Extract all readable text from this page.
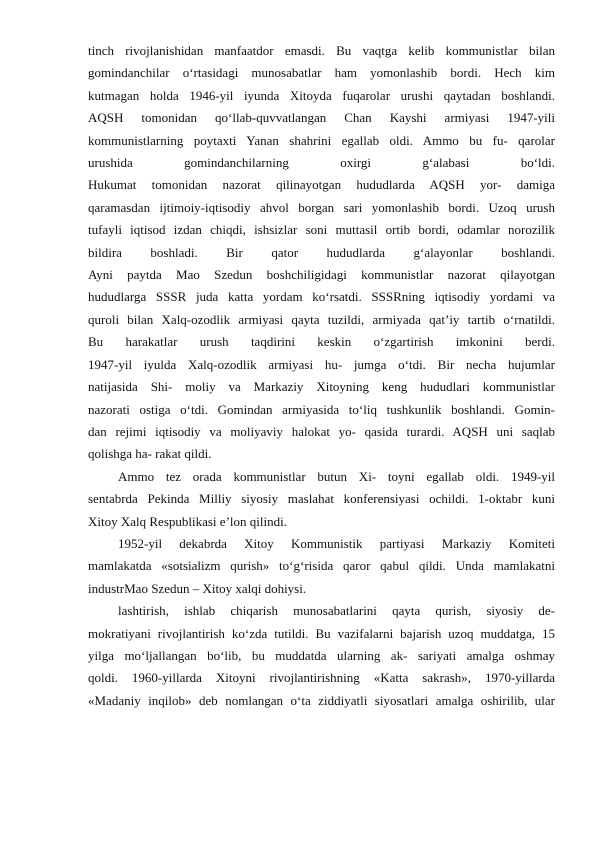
tinch rivojlanishidan manfaatdor emasdi. Bu vaqtga kelib kommunistlar bilan
gomindanchilar o‘rtasidagi munosabatlar ham yomonlashib bordi. Hech kim
kutmagan holda 1946-yil iyunda Xitoyda fuqarolar urushi qaytadan boshlandi.
AQSH tomonidan qo‘llab-quvvatlangan Chan Kayshi armiyasi 1947-yili
kommunistlarning poytaxti Yanan shahrini egallab oldi. Ammo bu fu- qarolar
urushida gomindanchilarning oxirgi g‘alabasi bo‘ldi.
Hukumat tomonidan nazorat qilinayotgan hududlarda AQSH yor- damiga
qaramasdan ijtimoiy-iqtisodiy ahvol borgan sari yomonlashib bordi. Uzoq urush
tufayli iqtisod izdan chiqdi, ishsizlar soni muttasil ortib bordi, odamlar norozilik
bildira boshladi. Bir qator hududlarda g‘alayonlar boshlandi.
Ayni paytda Mao Szedun boshchiligidagi kommunistlar nazorat qilayotgan
hududlarga SSSR juda katta yordam ko‘rsatdi. SSSRning iqtisodiy yordami va
quroli bilan Xalq-ozodlik armiyasi qayta tuzildi, armiyada qat’iy tartib o‘rnatildi.
Bu harakatlar urush taqdirini keskin o‘zgartirish imkonini berdi.
1947-yil iyulda Xalq-ozodlik armiyasi hu- jumga o‘tdi. Bir necha hujumlar
natijasida Shi- moliy va Markaziy Xitoyning keng hududlari kommunistlar
nazorati ostiga o‘tdi. Gomindan armiyasida to‘liq tushkunlik boshlandi. Gomin-
dan rejimi iqtisodiy va moliyaviy halokat yo- qasida turardi. AQSH uni saqlab
qolishga ha- rakat qildi.
Ammo tez orada kommunistlar butun Xi- toyni egallab oldi. 1949-yil
sentabrda Pekinda Milliy siyosiy maslahat konferensiyasi ochildi. 1-oktabr kuni
Xitoy Xalq Respublikasi e’lon qilindi.
1952-yil dekabrda Xitoy Kommunistik partiyasi Markaziy Komiteti
mamlakatda «sotsializm qurish» to‘g‘risida qaror qabul qildi. Unda mamlakatni
industrMao Szedun – Xitoy xalqi dohiysi.
lashtirish, ishlab chiqarish munosabatlarini qayta qurish, siyosiy de-
mokratiyani rivojlantirish ko‘zda tutildi. Bu vazifalarni bajarish uzoq muddatga, 15
yilga mo‘ljallangan bo‘lib, bu muddatda ularning ak- sariyati amalga oshmay
qoldi. 1960-yillarda Xitoyni rivojlantirishning «Katta sakrash», 1970-yillarda
«Madaniy inqilob» deb nomlangan o‘ta ziddiyatli siyosatlari amalga oshirilib, ular
